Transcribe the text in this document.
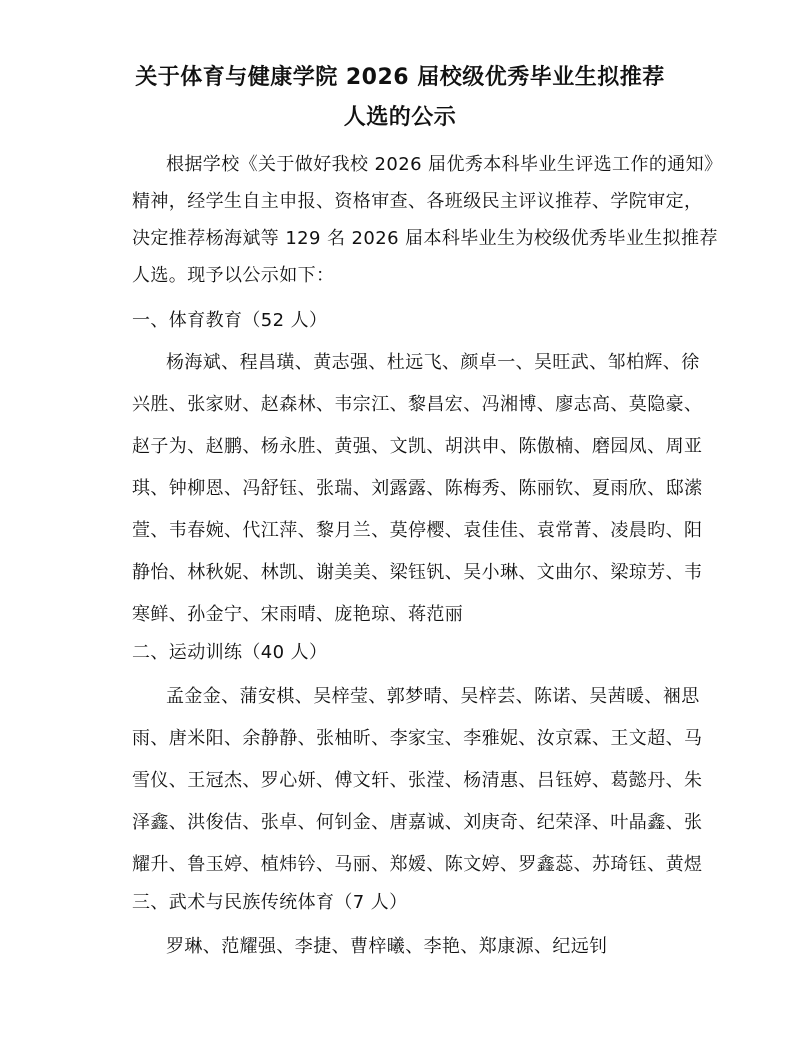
关于体育与健康学院 2026 届校级优秀毕业生拟推荐
人选的公示
根据学校《关于做好我校 2026 届优秀本科毕业生评选工作的通知》
精神，经学生自主申报、资格审查、各班级民主评议推荐、学院审定，
决定推荐杨海斌等 129 名 2026 届本科毕业生为校级优秀毕业生拟推荐
人选。现予以公示如下：
一、体育教育（52 人）
杨海斌、程昌璜、黄志强、杜远飞、颜卓一、吴旺武、邹柏辉、徐
兴胜、张家财、赵森林、韦宗江、黎昌宏、冯湘博、廖志高、莫隐豪、
赵子为、赵鹏、杨永胜、黄强、文凯、胡洪申、陈傲楠、磨园凤、周亚
琪、钟柳恩、冯舒钰、张瑞、刘露露、陈梅秀、陈丽钦、夏雨欣、邸潆
萱、韦春婉、代江萍、黎月兰、莫停樱、袁佳佳、袁常菁、凌晨昀、阳
静怡、林秋妮、林凯、谢美美、梁钰钒、吴小琳、文曲尔、梁琼芳、韦
寒鲜、孙金宁、宋雨晴、庞艳琼、蒋范丽
二、运动训练（40 人）
孟金金、蒲安棋、吴梓莹、郭梦晴、吴梓芸、陈诺、吴茜暖、裍思
雨、唐米阳、余静静、张柚昕、李家宝、李雅妮、汝京霖、王文超、马
雪仪、王冠杰、罗心妍、傅文轩、张滢、杨清惠、吕钰婷、葛懿丹、朱
泽鑫、洪俊佶、张卓、何钊金、唐嘉诚、刘庚奇、纪荣泽、叶晶鑫、张
耀升、鲁玉婷、植炜钤、马丽、郑嫒、陈文婷、罗鑫蕊、苏琦钰、黄煜
三、武术与民族传统体育（7 人）
罗琳、范耀强、李捷、曹梓曦、李艳、郑康源、纪远钊
